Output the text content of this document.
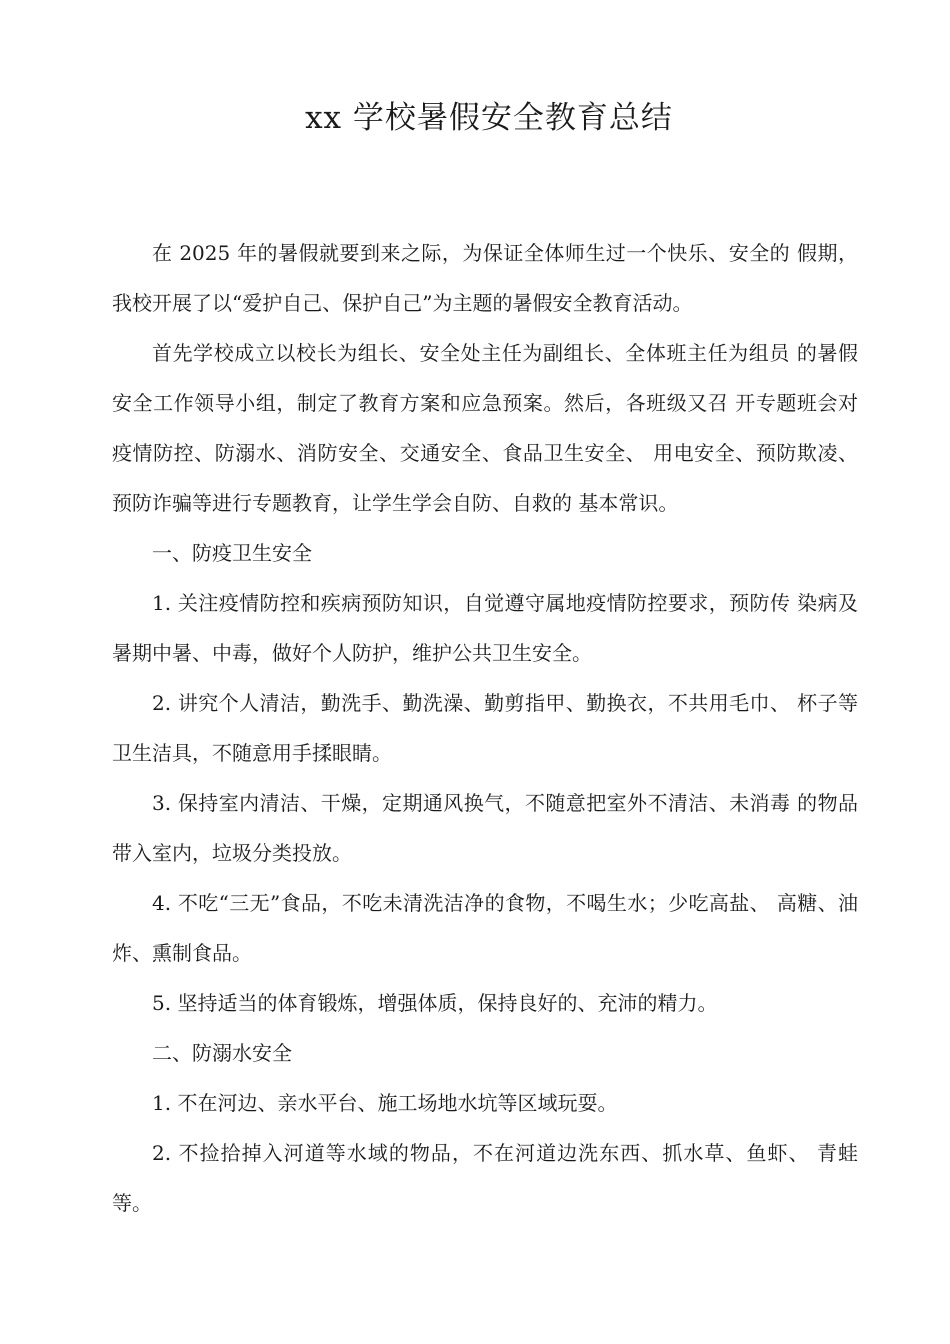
xx 学校暑假安全教育总结

在 2025 年的暑假就要到来之际，为保证全体师生过一个快乐、安全的 假期，我校开展了以“爱护自己、保护自己”为主题的暑假安全教育活动。

首先学校成立以校长为组长、安全处主任为副组长、全体班主任为组员 的暑假安全工作领导小组，制定了教育方案和应急预案。然后，各班级又召 开专题班会对疫情防控、防溺水、消防安全、交通安全、食品卫生安全、 用电安全、预防欺凌、预防诈骗等进行专题教育，让学生学会自防、自救的 基本常识。

一、防疫卫生安全

1. 关注疫情防控和疾病预防知识，自觉遵守属地疫情防控要求，预防传 染病及暑期中暑、中毒，做好个人防护，维护公共卫生安全。

2. 讲究个人清洁，勤洗手、勤洗澡、勤剪指甲、勤换衣，不共用毛巾、 杯子等卫生洁具，不随意用手揉眼睛。

3. 保持室内清洁、干燥，定期通风换气，不随意把室外不清洁、未消毒 的物品带入室内，垃圾分类投放。

4. 不吃“三无”食品，不吃未清洗洁净的食物，不喝生水；少吃高盐、 高糖、油炸、熏制食品。

5. 坚持适当的体育锻炼，增强体质，保持良好的、充沛的精力。

二、防溺水安全

1. 不在河边、亲水平台、施工场地水坑等区域玩耍。

2. 不捡拾掉入河道等水域的物品，不在河道边洗东西、抓水草、鱼虾、 青蛙等。
